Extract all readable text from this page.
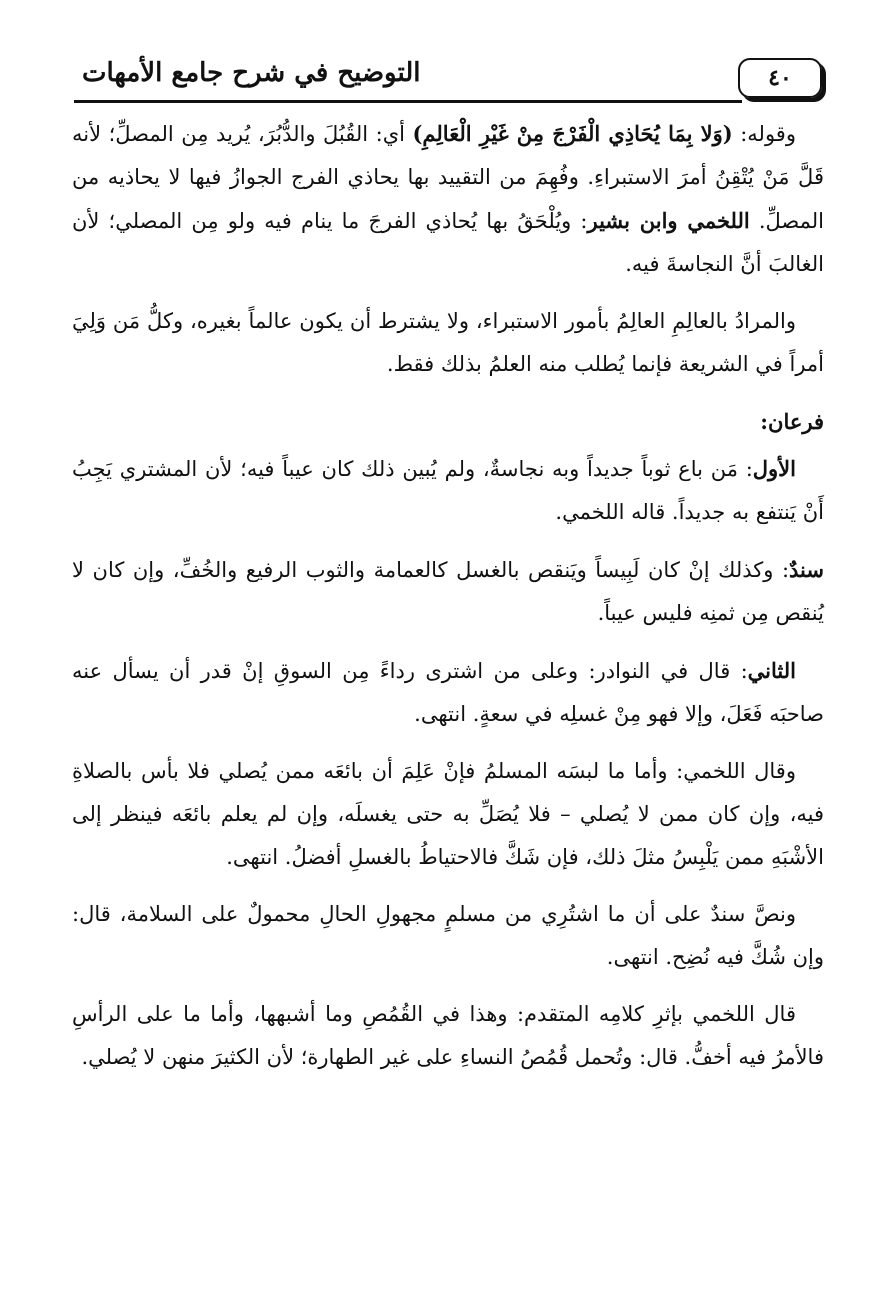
٤٠
التوضيح في شرح جامع الأمهات

وقوله: (وَلا بِمَا يُحَاذِي الْفَرْجَ مِنْ غَيْرِ الْعَالِمِ) أي: القُبُلَ والدُّبُرَ، يُريد مِن المصلِّ؛ لأنه قَلَّ مَنْ يُتْقِنُ أمرَ الاستبراءِ. وفُهِمَ من التقييد بها يحاذي الفرج الجوازُ فيها لا يحاذيه من المصلِّ. اللخمي وابن بشير: ويُلْحَقُ بها يُحاذي الفرجَ ما ينام فيه ولو مِن المصلي؛ لأن الغالبَ أنَّ النجاسةَ فيه.

والمرادُ بالعالِمِ العالِمُ بأمور الاستبراء، ولا يشترط أن يكون عالماً بغيره، وكلُّ مَن وَلِيَ أمراً في الشريعة فإنما يُطلب منه العلمُ بذلك فقط.

فرعان:

الأول: مَن باع ثوباً جديداً وبه نجاسةٌ، ولم يُبين ذلك كان عيباً فيه؛ لأن المشتري يَجِبُ أَنْ يَنتفع به جديداً. قاله اللخمي.

سندٌ: وكذلك إنْ كان لَبِيساً ويَنقص بالغسل كالعمامة والثوب الرفيع والخُفِّ، وإن كان لا يُنقص مِن ثمنِه فليس عيباً.

الثاني: قال في النوادر: وعلى من اشترى رداءً مِن السوقِ إنْ قدر أن يسأل عنه صاحبَه فَعَلَ، وإلا فهو مِنْ غسلِه في سعةٍ. انتهى.

وقال اللخمي: وأما ما لبسَه المسلمُ فإنْ عَلِمَ أن بائعَه ممن يُصلي فلا بأس بالصلاةِ فيه، وإن كان ممن لا يُصلي – فلا يُصَلِّ به حتى يغسلَه، وإن لم يعلم بائعَه فينظر إلى الأشْبَهِ ممن يَلْبِسُ مثلَ ذلك، فإن شَكَّ فالاحتياطُ بالغسلِ أفضلُ. انتهى.

ونصَّ سندٌ على أن ما اشتُرِي من مسلمٍ مجهولِ الحالِ محمولٌ على السلامة، قال: وإن شُكَّ فيه نُضِح. انتهى.

قال اللخمي بإثرِ كلامِه المتقدم: وهذا في القُمُصِ وما أشبهها، وأما ما على الرأسِ فالأمرُ فيه أخفُّ. قال: وتُحمل قُمُصُ النساءِ على غير الطهارة؛ لأن الكثيرَ منهن لا يُصلي.
